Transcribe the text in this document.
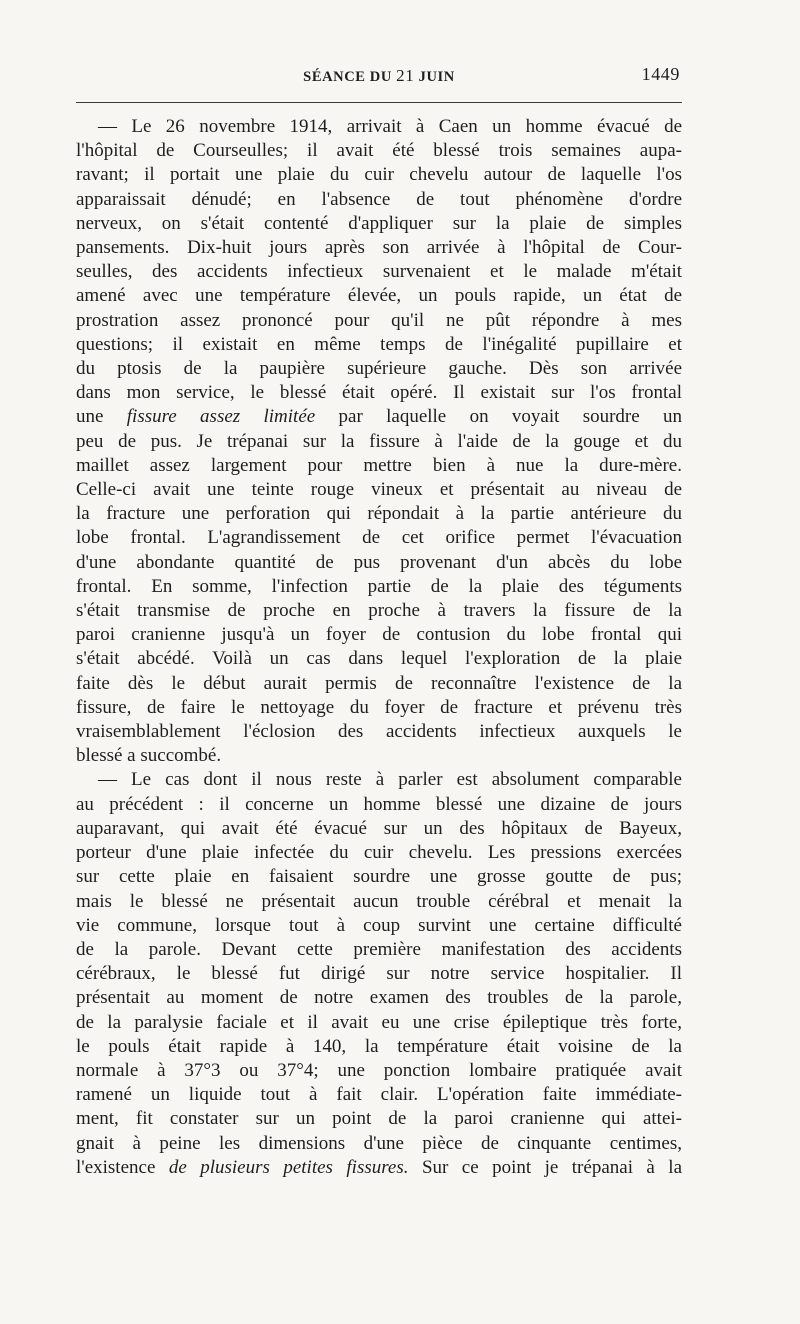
SÉANCE DU 21 JUIN	1449
— Le 26 novembre 1914, arrivait à Caen un homme évacué de
l'hôpital de Courseulles; il avait été blessé trois semaines aupa-
ravant; il portait une plaie du cuir chevelu autour de laquelle l'os
apparaissait dénudé; en l'absence de tout phénomène d'ordre
nerveux, on s'était contenté d'appliquer sur la plaie de simples
pansements. Dix-huit jours après son arrivée à l'hôpital de Cour-
seulles, des accidents infectieux survenaient et le malade m'était
amené avec une température élevée, un pouls rapide, un état de
prostration assez prononcé pour qu'il ne pût répondre à mes
questions; il existait en même temps de l'inégalité pupillaire et
du ptosis de la paupière supérieure gauche. Dès son arrivée
dans mon service, le blessé était opéré. Il existait sur l'os frontal
une fissure assez limitée par laquelle on voyait sourdre un
peu de pus. Je trépanai sur la fissure à l'aide de la gouge et du
maillet assez largement pour mettre bien à nue la dure-mère.
Celle-ci avait une teinte rouge vineux et présentait au niveau de
la fracture une perforation qui répondait à la partie antérieure du
lobe frontal. L'agrandissement de cet orifice permet l'évacuation
d'une abondante quantité de pus provenant d'un abcès du lobe
frontal. En somme, l'infection partie de la plaie des téguments
s'était transmise de proche en proche à travers la fissure de la
paroi cranienne jusqu'à un foyer de contusion du lobe frontal qui
s'était abcédé. Voilà un cas dans lequel l'exploration de la plaie
faite dès le début aurait permis de reconnaître l'existence de la
fissure, de faire le nettoyage du foyer de fracture et prévenu très
vraisemblablement l'éclosion des accidents infectieux auxquels le
blessé a succombé.
— Le cas dont il nous reste à parler est absolument comparable
au précédent : il concerne un homme blessé une dizaine de jours
auparavant, qui avait été évacué sur un des hôpitaux de Bayeux,
porteur d'une plaie infectée du cuir chevelu. Les pressions exercées
sur cette plaie en faisaient sourdre une grosse goutte de pus;
mais le blessé ne présentait aucun trouble cérébral et menait la
vie commune, lorsque tout à coup survint une certaine difficulté
de la parole. Devant cette première manifestation des accidents
cérébraux, le blessé fut dirigé sur notre service hospitalier. Il
présentait au moment de notre examen des troubles de la parole,
de la paralysie faciale et il avait eu une crise épileptique très forte,
le pouls était rapide à 140, la température était voisine de la
normale à 37°3 ou 37°4; une ponction lombaire pratiquée avait
ramené un liquide tout à fait clair. L'opération faite immédiate-
ment, fit constater sur un point de la paroi cranienne qui attei-
gnait à peine les dimensions d'une pièce de cinquante centimes,
l'existence de plusieurs petites fissures. Sur ce point je trépanai à la
